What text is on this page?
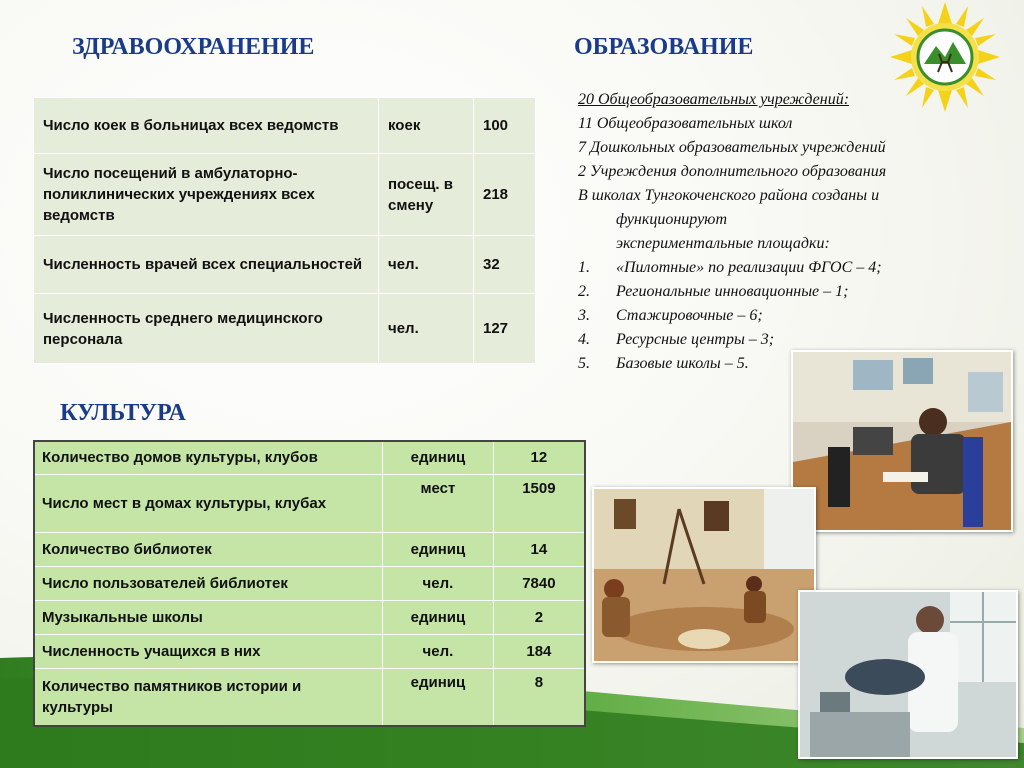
ЗДРАВООХРАНЕНИЕ	ОБРАЗОВАНИЕ
КУЛЬТУРА
Число коек в больницах всех ведомств	коек	100
Число посещений в амбулаторно-поликлинических учреждениях всех ведомств	посещ. в смену	218
Численность врачей всех специальностей	чел.	32
Численность среднего медицинского персонала	чел.	127
20 Общеобразовательных учреждений:
11 Общеобразовательных школ
7 Дошкольных образовательных учреждений
2 Учреждения дополнительного образования
В школах Тунгокоченского района созданы и
функционируют экспериментальные площадки:
1. «Пилотные» по реализации ФГОС – 4;
2. Региональные инновационные – 1;
3. Стажировочные – 6;
4. Ресурсные центры – 3;
5. Базовые школы – 5.
Количество домов культуры, клубов	единиц	12
Число мест в домах культуры, клубах	мест	1509
Количество библиотек	единиц	14
Число пользователей библиотек	чел.	7840
Музыкальные школы	единиц	2
Численность учащихся в них	чел.	184
Количество памятников истории и культуры	единиц	8
